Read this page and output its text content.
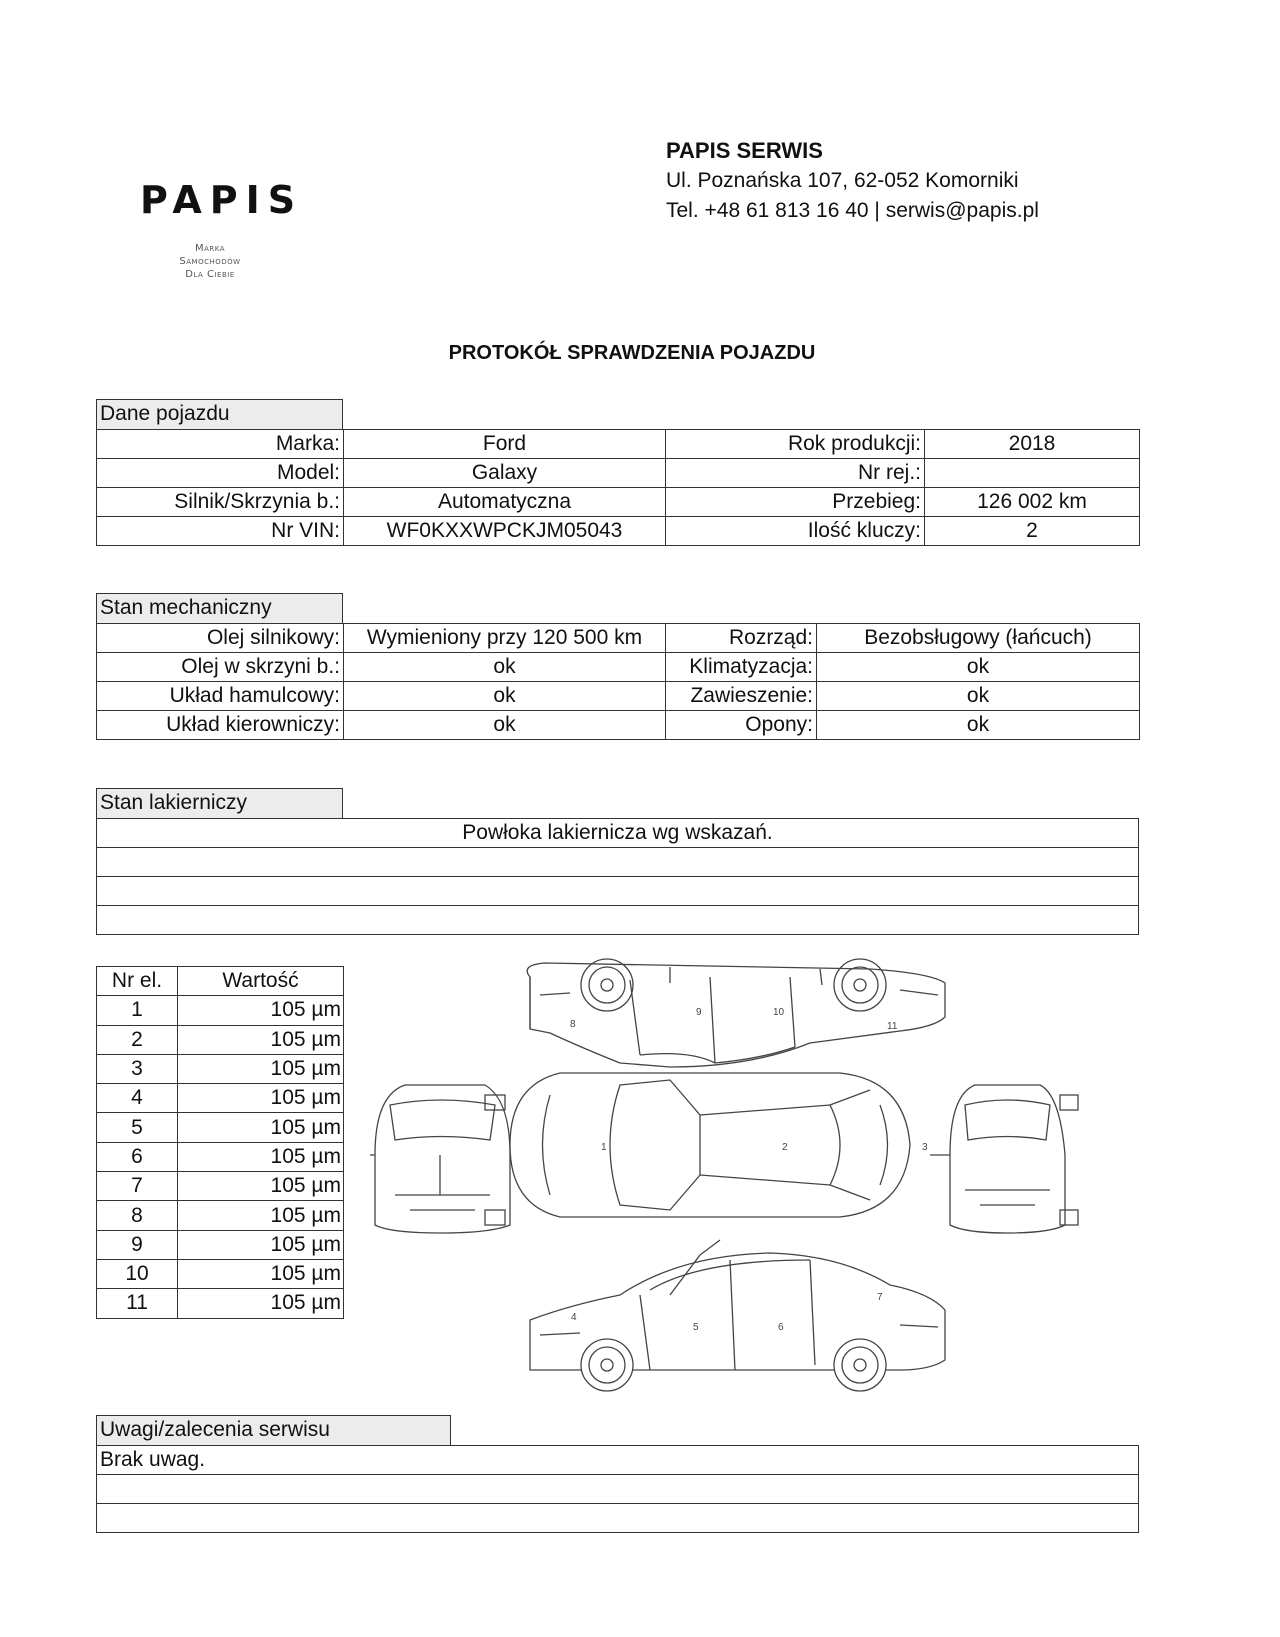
PAPIS
Marka
Samochodów
Dla Ciebie
PAPIS SERWIS
Ul. Poznańska 107, 62-052 Komorniki
Tel. +48 61 813 16 40 | serwis@papis.pl
PROTOKÓŁ SPRAWDZENIA POJAZDU
Dane pojazdu
Marka:	Ford	Rok produkcji:	2018
Model:	Galaxy	Nr rej.:	
Silnik/Skrzynia b.:	Automatyczna	Przebieg:	126 002 km
Nr VIN:	WF0KXXWPCKJM05043	Ilość kluczy:	2
Stan mechaniczny
Olej silnikowy:	Wymieniony przy 120 500 km	Rozrząd:	Bezobsługowy (łańcuch)
Olej w skrzyni b.:	ok	Klimatyzacja:	ok
Układ hamulcowy:	ok	Zawieszenie:	ok
Układ kierowniczy:	ok	Opony:	ok
Stan lakierniczy
Powłoka lakiernicza wg wskazań.

Nr el.	Wartość
1	105 µm
2	105 µm
3	105 µm
4	105 µm
5	105 µm
6	105 µm
7	105 µm
8	105 µm
9	105 µm
10	105 µm
11	105 µm
1	2	3
4
5	6
7
8
9	10
11
Uwagi/zalecenia serwisu
Brak uwag.
